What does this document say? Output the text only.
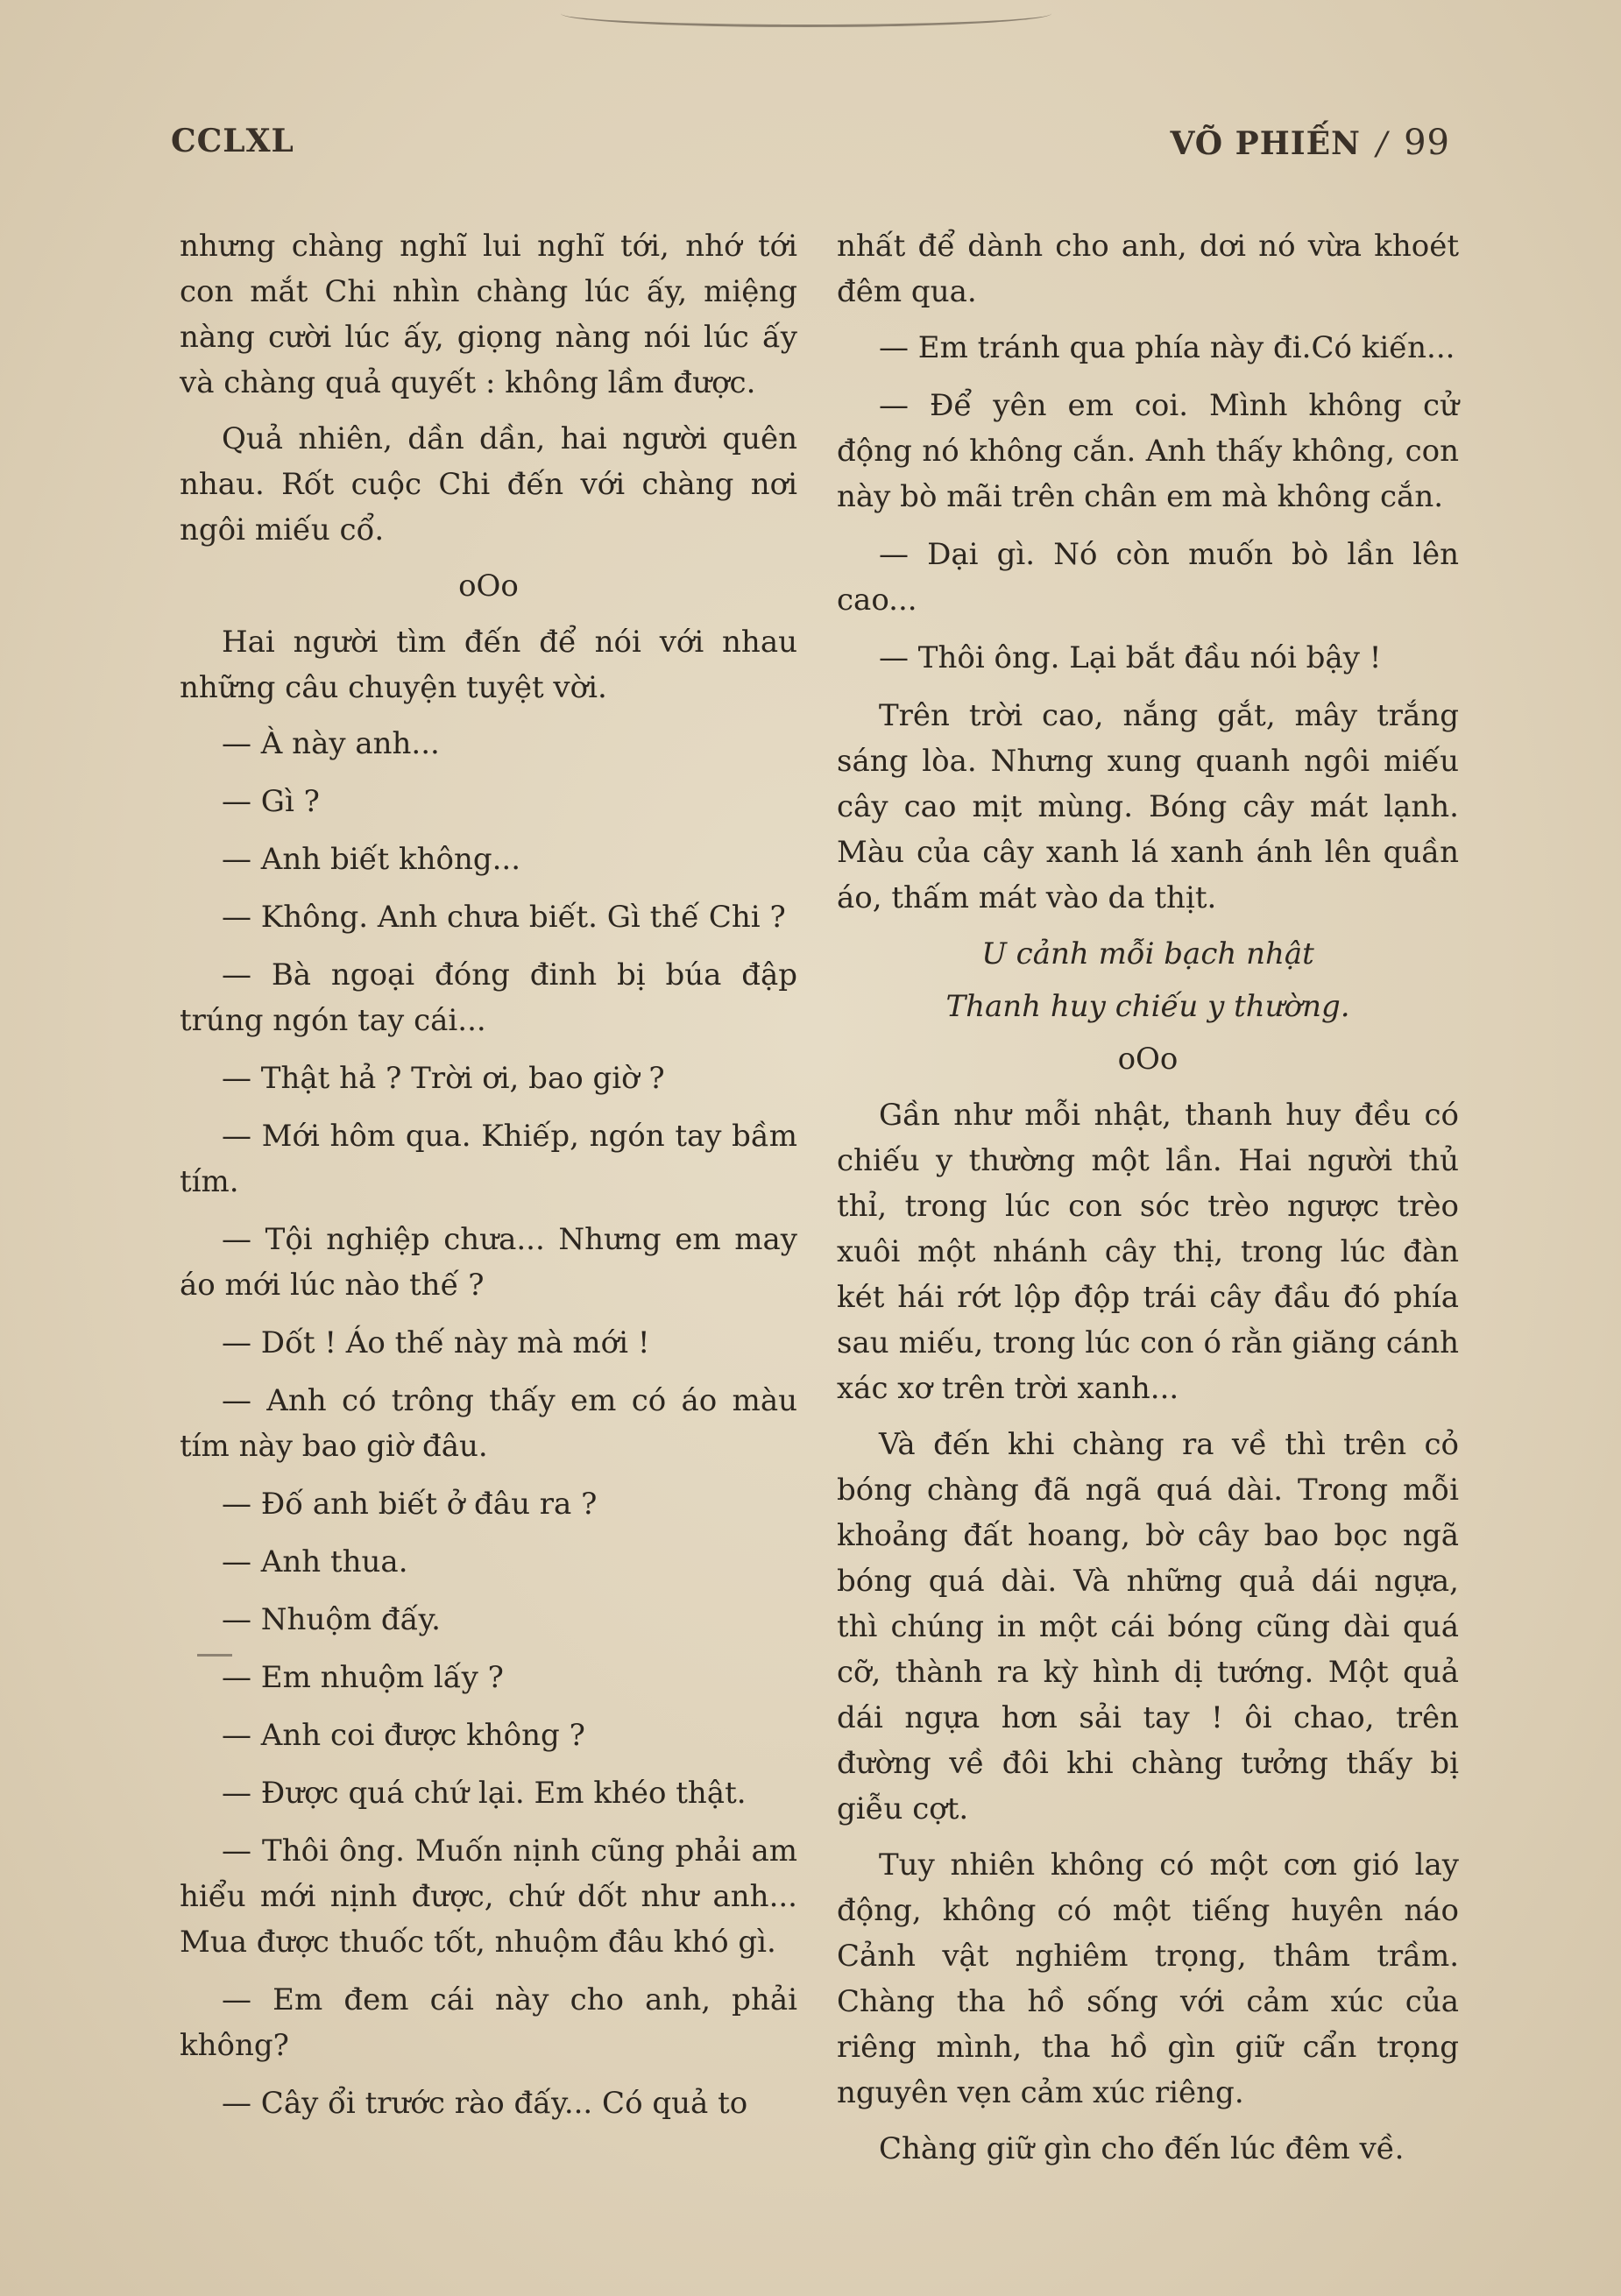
CCLXL	VÕ PHIẾN / 99

nhưng chàng nghĩ lui nghĩ tới, nhớ tới con mắt Chi nhìn chàng lúc ấy, miệng nàng cười lúc ấy, giọng nàng nói lúc ấy và chàng quả quyết : không lầm được.

Quả nhiên, dần dần, hai người quên nhau. Rốt cuộc Chi đến với chàng nơi ngôi miếu cổ.

oOo

Hai người tìm đến để nói với nhau những câu chuyện tuyệt vời.

— À này anh...

— Gì ?

— Anh biết không...

— Không. Anh chưa biết. Gì thế Chi ?

— Bà ngoại đóng đinh bị búa đập trúng ngón tay cái...

— Thật hả ? Trời ơi, bao giờ ?

— Mới hôm qua. Khiếp, ngón tay bầm tím.

— Tội nghiệp chưa... Nhưng em may áo mới lúc nào thế ?

— Dốt ! Áo thế này mà mới !

— Anh có trông thấy em có áo màu tím này bao giờ đâu.

— Đố anh biết ở đâu ra ?

— Anh thua.

— Nhuộm đấy.

— Em nhuộm lấy ?

— Anh coi được không ?

— Được quá chứ lại. Em khéo thật.

— Thôi ông. Muốn nịnh cũng phải am hiểu mới nịnh được, chứ dốt như anh... Mua được thuốc tốt, nhuộm đâu khó gì.

— Em đem cái này cho anh, phải không?

— Cây ổi trước rào đấy... Có quả to

nhất để dành cho anh, dơi nó vừa khoét đêm qua.

— Em tránh qua phía này đi.Có kiến...

— Để yên em coi. Mình không cử động nó không cắn. Anh thấy không, con này bò mãi trên chân em mà không cắn.

— Dại gì. Nó còn muốn bò lần lên cao...

— Thôi ông. Lại bắt đầu nói bậy !

Trên trời cao, nắng gắt, mây trắng sáng lòa. Nhưng xung quanh ngôi miếu cây cao mịt mùng. Bóng cây mát lạnh. Màu của cây xanh lá xanh ánh lên quần áo, thấm mát vào da thịt.

U cảnh mỗi bạch nhật

Thanh huy chiếu y thường.

oOo

Gần như mỗi nhật, thanh huy đều có chiếu y thường một lần. Hai người thủ thỉ, trong lúc con sóc trèo ngược trèo xuôi một nhánh cây thị, trong lúc đàn két hái rớt lộp độp trái cây đầu đó phía sau miếu, trong lúc con ó rằn giăng cánh xác xơ trên trời xanh...

Và đến khi chàng ra về thì trên cỏ bóng chàng đã ngã quá dài. Trong mỗi khoảng đất hoang, bờ cây bao bọc ngã bóng quá dài. Và những quả dái ngựa, thì chúng in một cái bóng cũng dài quá cỡ, thành ra kỳ hình dị tướng. Một quả dái ngựa hơn sải tay ! ôi chao, trên đường về đôi khi chàng tưởng thấy bị giễu cợt.

Tuy nhiên không có một cơn gió lay động, không có một tiếng huyên náo Cảnh vật nghiêm trọng, thâm trầm. Chàng tha hồ sống với cảm xúc của riêng mình, tha hồ gìn giữ cẩn trọng nguyên vẹn cảm xúc riêng.

Chàng giữ gìn cho đến lúc đêm về.
